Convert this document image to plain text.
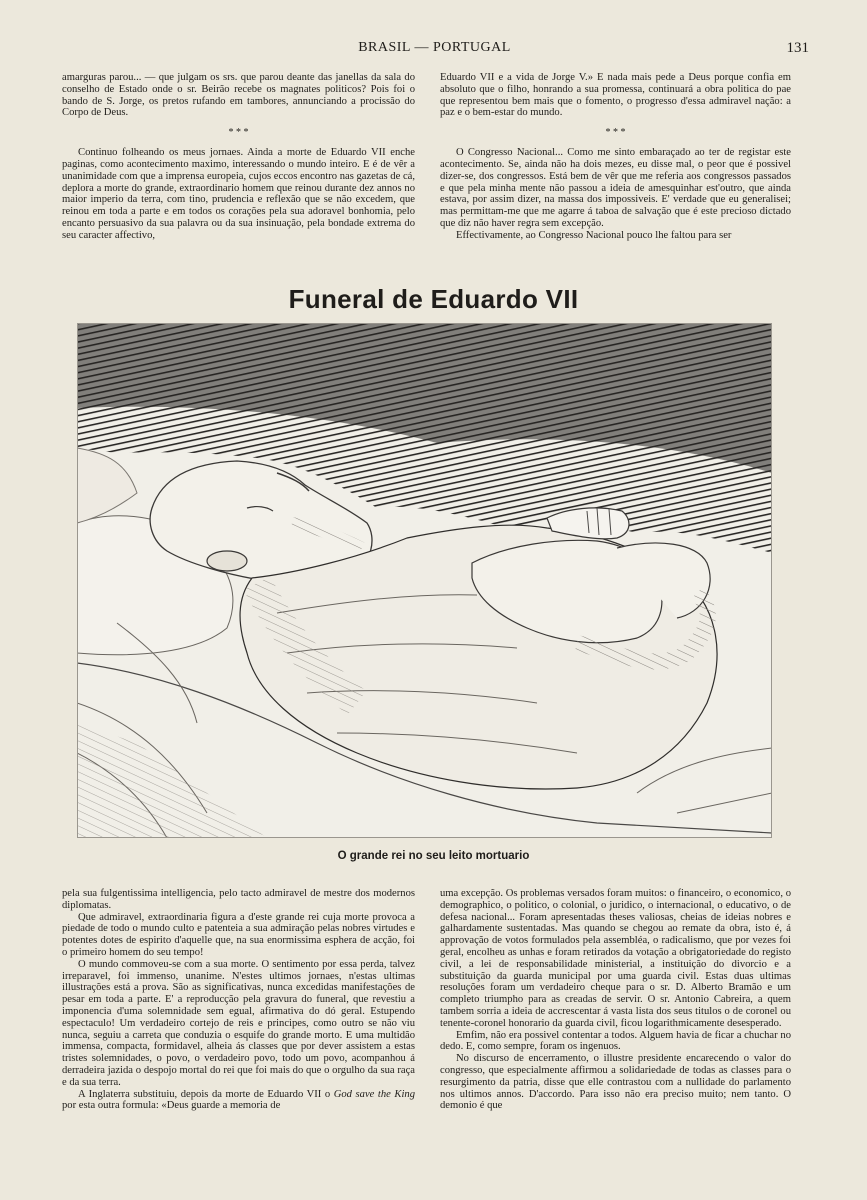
BRASIL — PORTUGAL	131

amarguras parou... — que julgam os srs. que parou deante das janellas da sala do conselho de Estado onde o sr. Beirão recebe os magnates politicos? Pois foi o bando de S. Jorge, os pretos rufando em tambores, annunciando a procissão do Corpo de Deus.

* * *

Continuo folheando os meus jornaes. Ainda a morte de Eduardo VII enche paginas, como acontecimento maximo, interessando o mundo inteiro. E é de vêr a unanimidade com que a imprensa europeia, cujos eccos encontro nas gazetas de cá, deplora a morte do grande, extraordinario homem que reinou durante dez annos no maior imperio da terra, com tino, prudencia e reflexão que se não excedem, que reinou em toda a parte e em todos os corações pela sua adoravel bonhomia, pelo encanto persuasivo da sua palavra ou da sua insinuação, pela bondade extrema do seu caracter affectivo,

Eduardo VII e a vida de Jorge V.» E nada mais pede a Deus porque confia em absoluto que o filho, honrando a sua promessa, continuará a obra politica do pae que representou bem mais que o fomento, o progresso d'essa admiravel nação: a paz e o bem-estar do mundo.

* * *

O Congresso Nacional... Como me sinto embaraçado ao ter de registar este acontecimento. Se, ainda não ha dois mezes, eu disse mal, o peor que é possivel dizer-se, dos congressos. Está bem de vêr que me referia aos congressos passados e que pela minha mente não passou a ideia de amesquinhar est'outro, que ainda estava, por assim dizer, na massa dos impossiveis. E' verdade que eu generalisei; mas permittam-me que me agarre á taboa de salvação que é este precioso dictado que diz não haver regra sem excepção.

Effectivamente, ao Congresso Nacional pouco lhe faltou para ser

Funeral de Eduardo VII
O grande rei no seu leito mortuario

pela sua fulgentissima intelligencia, pelo tacto admiravel de mestre dos modernos diplomatas.

Que admiravel, extraordinaria figura a d'este grande rei cuja morte provoca a piedade de todo o mundo culto e patenteia a sua admiração pelas nobres virtudes e potentes dotes de espirito d'aquelle que, na sua enormissima esphera de acção, foi o primeiro homem do seu tempo!

O mundo commoveu-se com a sua morte. O sentimento por essa perda, talvez irreparavel, foi immenso, unanime. N'estes ultimos jornaes, n'estas ultimas illustrações está a prova. São as significativas, nunca excedidas manifestações de pesar em toda a parte. E' a reproducção pela gravura do funeral, que revestiu a imponencia d'uma solemnidade sem egual, afirmativa do dó geral. Estupendo espectaculo! Um verdadeiro cortejo de reis e principes, como outro se não viu nunca, seguiu a carreta que conduzia o esquife do grande morto. E uma multidão immensa, compacta, formidavel, alheia ás classes que por dever assistem a estas tristes solemnidades, o povo, o verdadeiro povo, todo um povo, acompanhou á derradeira jazida o despojo mortal do rei que foi mais do que o orgulho da sua raça e da sua terra.

A Inglaterra substituiu, depois da morte de Eduardo VII o God save the King por esta outra formula: «Deus guarde a memoria de

uma excepção. Os problemas versados foram muitos: o financeiro, o economico, o demographico, o politico, o colonial, o juridico, o internacional, o educativo, o de defesa nacional... Foram apresentadas theses valiosas, cheias de ideias nobres e galhardamente sustentadas. Mas quando se chegou ao remate da obra, isto é, á approvação de votos formulados pela assembléa, o radicalismo, que por vezes foi geral, encolheu as unhas e foram retirados da votação a obrigatoriedade do registo civil, a lei de responsabilidade ministerial, a instituição do divorcio e a substituição da guarda municipal por uma guarda civil. Estas duas ultimas resoluções foram um verdadeiro cheque para o sr. D. Alberto Bramão e um completo triumpho para as creadas de servir. O sr. Antonio Cabreira, a quem tambem sorria a ideia de accrescentar á vasta lista dos seus titulos o de coronel ou tenente-coronel honorario da guarda civil, ficou logarithmicamente desesperado.

Emfim, não era possivel contentar a todos. Alguem havia de ficar a chuchar no dedo. E, como sempre, foram os ingenuos.

No discurso de encerramento, o illustre presidente encarecendo o valor do congresso, que especialmente affirmou a solidariedade de todas as classes para o resurgimento da patria, disse que elle contrastou com a nullidade do parlamento nos ultimos annos. D'accordo. Para isso não era preciso muito; nem tanto. O demonio é que
